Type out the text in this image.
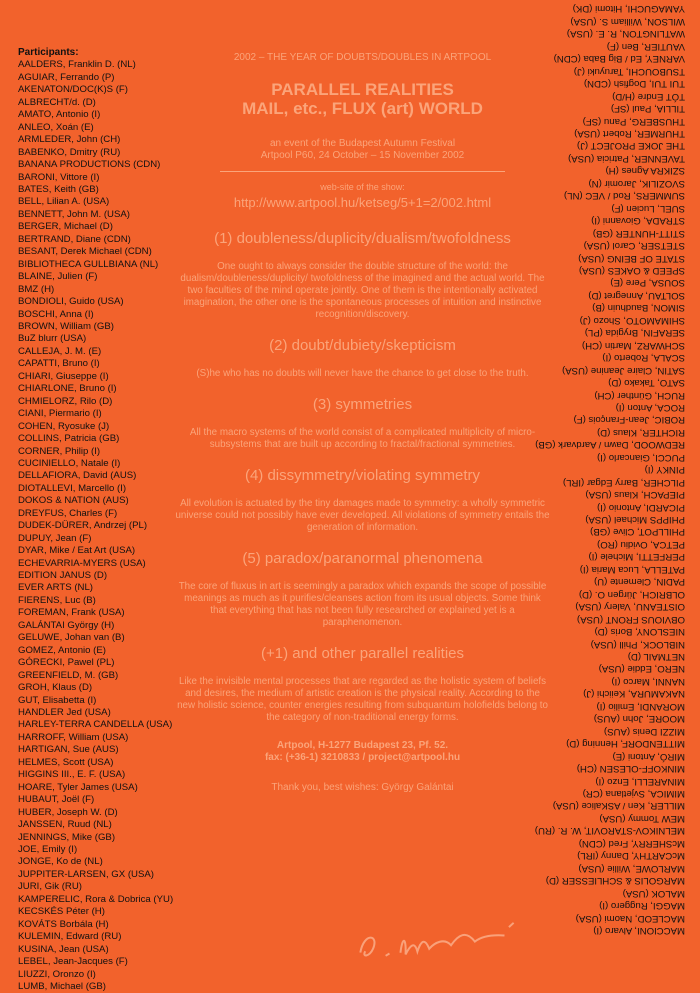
Participants:
AALDERS, Franklin D. (NL)
AGUIAR, Ferrando (P)
AKENATON/DOC(K)S (F)
ALBRECHT/d. (D)
AMATO, Antonio (I)
ANLEO, Xoán (E)
ARMLEDER, John (CH)
BABENKO, Dmitry (RU)
BANANA PRODUCTIONS (CDN)
BARONI, Vittore (I)
BATES, Keith (GB)
BELL, Lilian A. (USA)
BENNETT, John M. (USA)
BERGER, Michael (D)
BERTRAND, Diane (CDN)
BESANT, Derek Michael (CDN)
BIBLIOTHECA GULLBIANA (NL)
BLAINE, Julien (F)
BMZ (H)
BONDIOLI, Guido (USA)
BOSCHI, Anna (I)
BROWN, William (GB)
BuZ blurr (USA)
CALLEJA, J. M. (E)
CAPATTI, Bruno (I)
CHIARI, Giuseppe (I)
CHIARLONE, Bruno (I)
CHMIELORZ, Rilo (D)
CIANI, Piermario (I)
COHEN, Ryosuke (J)
COLLINS, Patricia (GB)
CORNER, Philip (I)
CUCINIELLO, Natale (I)
DELLAFIORA, David (AUS)
DIOTALLEVI, Marcello (I)
DOKOS & NATION (AUS)
DREYFUS, Charles (F)
DUDEK-DÜRER, Andrzej (PL)
DUPUY, Jean (F)
DYAR, Mike / Eat Art (USA)
ECHEVARRIA-MYERS (USA)
EDITION JANUS (D)
EVER ARTS (NL)
FIERENS, Luc (B)
FOREMAN, Frank (USA)
GALÁNTAI György (H)
GELUWE, Johan van (B)
GOMEZ, Antonio (E)
GÓRECKI, Pawel (PL)
GREENFIELD, M. (GB)
GROH, Klaus (D)
GUT, Elisabetta (I)
HANDLER Jed (USA)
HARLEY-TERRA CANDELLA (USA)
HARROFF, William (USA)
HARTIGAN, Sue (AUS)
HELMES, Scott (USA)
HIGGINS III., E. F. (USA)
HOARE, Tyler James (USA)
HUBAUT, Joël (F)
HUBER, Joseph W. (D)
JANSSEN, Ruud (NL)
JENNINGS, Mike (GB)
JOE, Emily (I)
JONGE, Ko de (NL)
JUPPITER-LARSEN, GX (USA)
JURI, Gik (RU)
KAMPERELIC, Rora & Dobrica (YU)
KECSKÉS Péter (H)
KOVÁTS Borbála (H)
KULEMIN, Edward (RU)
KUSINA, Jean (USA)
LEBEL, Jean-Jacques (F)
LIUZZI, Oronzo (I)
LUMB, Michael (GB)
MACCIONI, Alvaro (I)
MACLEOD, Naomi (USA)
MAGGI, Ruggero (I)
MALOK (USA)
MARGOLIS & SCHLIESSER (D)
MARLOWE, Willie (USA)
McCARTHY, Danny (IRL)
McSHERRY, Fred (CDN)
MELNIKOV-STAROVIT, W. R. (RU)
MEW Tommy (USA)
MILLER, Ken / ASKalice (USA)
MIMICA, Svjetlana (CR)
MINARELLI, Enzo (I)
MINKOFF-OLESEN (CH)
MIRÓ, Antoni (E)
MITTENDORF, Henning (D)
MIZZI Denis (AUS)
MOORE, John (AUS)
MORANDI, Emilio (I)
NAKAMURA, Keiichi (J)
NANNI, Marco (I)
NERO, Eddie (USA)
NETMAIL (D)
NIBLOCK, Phill (USA)
NIESLONY, Boris (D)
OBVIOUS FRONT (USA)
OISTEANU, Valery (USA)
OLBRICH, Jürgen O. (D)
PADIN, Clemente (U)
PATELLA, Luca Maria (I)
PERFETTI, Michele (I)
PETCA, Ovidiu (RO)
PHILLPOT, Clive (GB)
PHIPPS Michael (USA)
PICARDI, Antonio (I)
PIEPACH, Klaus (USA)
PILCHER, Barry Edgar (IRL)
PINKY (I)
PUCCI, Giancarlo (I)
REDWOOD, Dawn / Aardvark (GB)
RICHTER, Klaus (D)
ROBIC, Jean-François (F)
ROCA, Anton (I)
RUCH, Günther (CH)
SATO, Takako (D)
SATIN, Claire Jeanine (USA)
SCALA, Roberto (I)
SCHWARZ, Martin (CH)
SERAFIN, Brygida (PL)
SHIMAMOTO, Shozo (J)
SIMON, Baudhuin (B)
SOLTAU, Annegret (D)
SOUSA, Pere (E)
SPEED & OAKES (USA)
STATE OF BEING (USA)
STETSER, Carol (USA)
STITT-HUNTER (GB)
STRADA, Giovanni (I)
SUEL, Lucien (F)
SUMMERS, Rod / VEC (NL)
SVOZILIK, Jaromir (N)
SZIKRA Agnes (H)
TAVENNER, Patricia (USA)
THE JOKE PROJECT (J)
THURMER, Robert (USA)
THUSBERG, Panu (SF)
TILLIA, Paul (SF)
TÓT Endre (H/D)
TUI TUI, Dogfish (CDN)
TSUBOUCHI, Taruyuki (J)
VARNEY, Ed / Big Baba (CDN)
VAUTIER, Ben (F)
WATLINGTON, R. E. (USA)
WILSON, William S. (USA)
YAMAGUCHI, Hitomi (DK)
2002 – THE YEAR OF DOUBTS/DOUBLES IN ARTPOOL
PARALLEL REALITIES
MAIL, etc., FLUX (art) WORLD
an event of the Budapest Autumn Festival
Artpool P60, 24 October – 15 November 2002
web-site of the show:
http://www.artpool.hu/ketseg/5+1=2/002.html
(1) doubleness/duplicity/dualism/twofoldness
One ought to always consider the double structure of the world: the dualism/doubleness/duplicity/ twofoldness of the imagined and the actual world. The two faculties of the mind operate jointly. One of them is the intentionally activated imagination, the other one is the spontaneous processes of intuition and instinctive recognition/discovery.
(2) doubt/dubiety/skepticism
(S)he who has no doubts will never have the chance to get close to the truth.
(3) symmetries
All the macro systems of the world consist of a complicated multiplicity of micro-subsystems that are built up according to fractal/fractional symmetries.
(4) dissymmetry/violating symmetry
All evolution is actuated by the tiny damages made to symmetry: a wholly symmetric universe could not possibly have ever developed. All violations of symmetry entails the generation of information.
(5) paradox/paranormal phenomena
The core of fluxus in art is seemingly a paradox which expands the scope of possible meanings as much as it purifies/cleanses action from its usual objects. Some think that everything that has not been fully researched or explained yet is a paraphenomenon.
(+1) and other parallel realities
Like the invisible mental processes that are regarded as the holistic system of beliefs and desires, the medium of artistic creation is the physical reality. According to the new holistic science, counter energies resulting from subquantum holofields belong to the category of non-traditional energy forms.
Artpool, H-1277 Budapest 23, Pf. 52.
fax: (+36-1) 3210833 / project@artpool.hu
Thank you, best wishes: György Galántai
